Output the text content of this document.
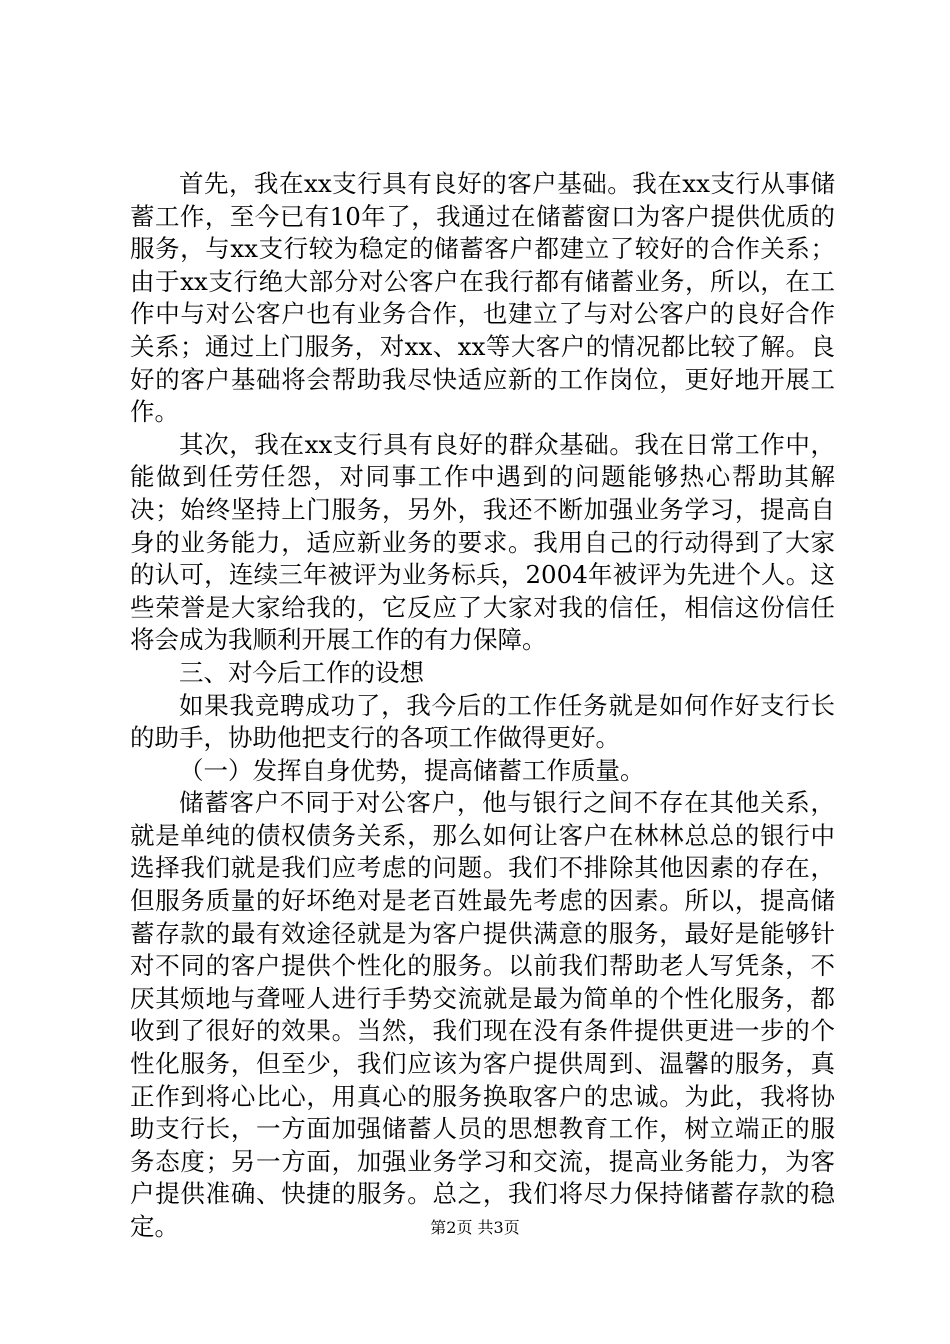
首先，我在xx支行具有良好的客户基础。我在xx支行从事储蓄工作，至今已有10年了，我通过在储蓄窗口为客户提供优质的服务，与xx支行较为稳定的储蓄客户都建立了较好的合作关系；由于xx支行绝大部分对公客户在我行都有储蓄业务，所以，在工作中与对公客户也有业务合作，也建立了与对公客户的良好合作关系；通过上门服务，对xx、xx等大客户的情况都比较了解。良好的客户基础将会帮助我尽快适应新的工作岗位，更好地开展工作。

其次，我在xx支行具有良好的群众基础。我在日常工作中，能做到任劳任怨，对同事工作中遇到的问题能够热心帮助其解决；始终坚持上门服务，另外，我还不断加强业务学习，提高自身的业务能力，适应新业务的要求。我用自己的行动得到了大家的认可，连续三年被评为业务标兵，2004年被评为先进个人。这些荣誉是大家给我的，它反应了大家对我的信任，相信这份信任将会成为我顺利开展工作的有力保障。

三、对今后工作的设想

如果我竞聘成功了，我今后的工作任务就是如何作好支行长的助手，协助他把支行的各项工作做得更好。

（一）发挥自身优势，提高储蓄工作质量。

储蓄客户不同于对公客户，他与银行之间不存在其他关系，就是单纯的债权债务关系，那么如何让客户在林林总总的银行中选择我们就是我们应考虑的问题。我们不排除其他因素的存在，但服务质量的好坏绝对是老百姓最先考虑的因素。所以，提高储蓄存款的最有效途径就是为客户提供满意的服务，最好是能够针对不同的客户提供个性化的服务。以前我们帮助老人写凭条，不厌其烦地与聋哑人进行手势交流就是最为简单的个性化服务，都收到了很好的效果。当然，我们现在没有条件提供更进一步的个性化服务，但至少，我们应该为客户提供周到、温馨的服务，真正作到将心比心，用真心的服务换取客户的忠诚。为此，我将协助支行长，一方面加强储蓄人员的思想教育工作，树立端正的服务态度；另一方面，加强业务学习和交流，提高业务能力，为客户提供准确、快捷的服务。总之，我们将尽力保持储蓄存款的稳定。	第2页 共3页
